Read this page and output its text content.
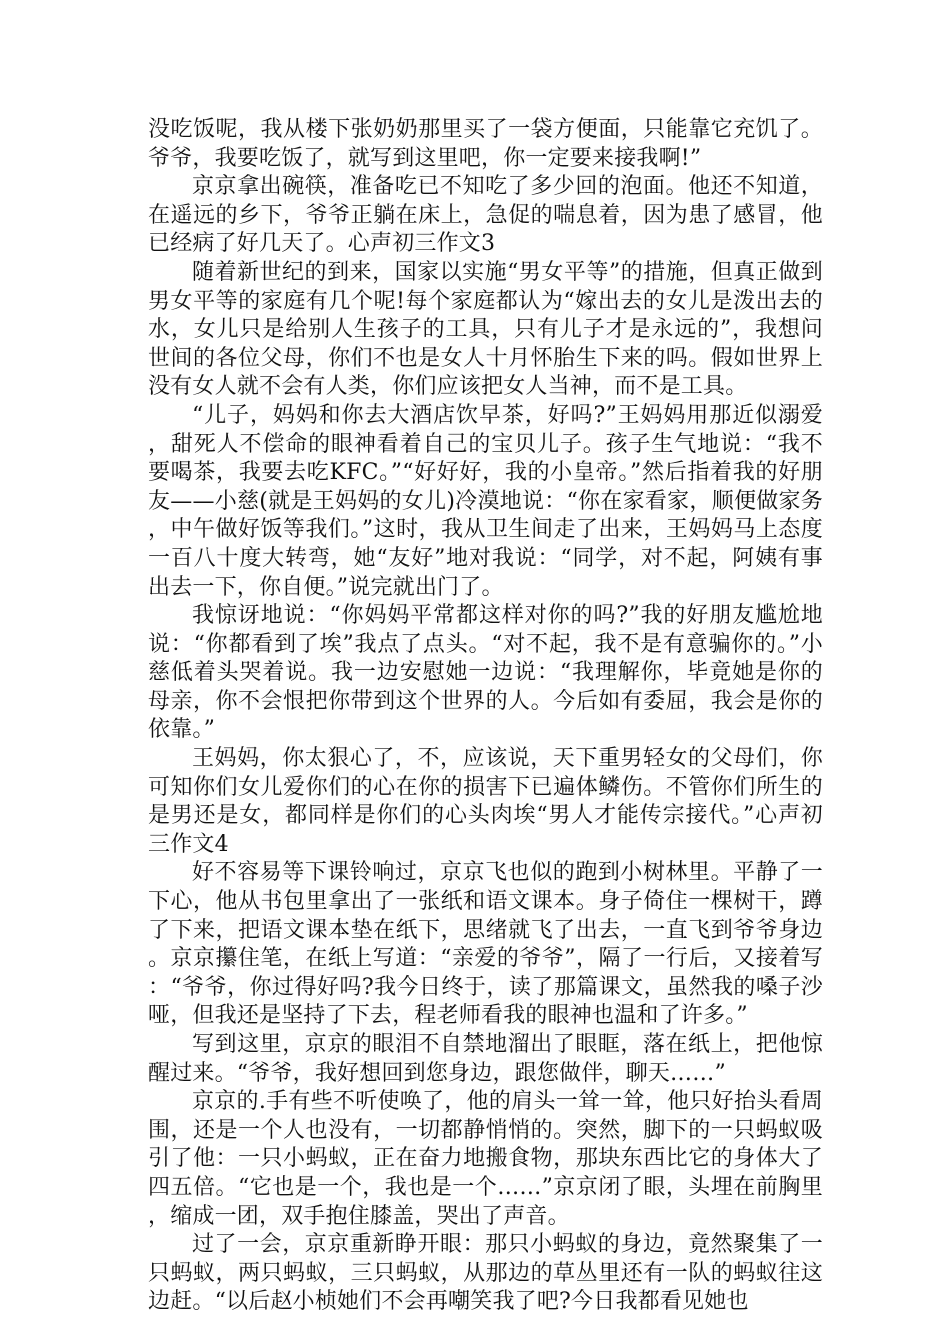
没吃饭呢，我从楼下张奶奶那里买了一袋方便面，只能靠它充饥了。爷爷，我要吃饭了，就写到这里吧，你一定要来接我啊!”

京京拿出碗筷，准备吃已不知吃了多少回的泡面。他还不知道，在遥远的乡下，爷爷正躺在床上，急促的喘息着，因为患了感冒，他已经病了好几天了。心声初三作文3

随着新世纪的到来，国家以实施“男女平等”的措施，但真正做到男女平等的家庭有几个呢!每个家庭都认为“嫁出去的女儿是泼出去的水，女儿只是给别人生孩子的工具，只有儿子才是永远的”，我想问世间的各位父母，你们不也是女人十月怀胎生下来的吗。假如世界上没有女人就不会有人类，你们应该把女人当神，而不是工具。

“儿子，妈妈和你去大酒店饮早茶，好吗?”王妈妈用那近似溺爱，甜死人不偿命的眼神看着自己的宝贝儿子。孩子生气地说：“我不要喝茶，我要去吃KFC。”“好好好，我的小皇帝。”然后指着我的好朋友——小慈(就是王妈妈的女儿)冷漠地说：“你在家看家，顺便做家务，中午做好饭等我们。”这时，我从卫生间走了出来，王妈妈马上态度一百八十度大转弯，她“友好”地对我说：“同学，对不起，阿姨有事出去一下，你自便。”说完就出门了。

我惊讶地说：“你妈妈平常都这样对你的吗?”我的好朋友尴尬地说：“你都看到了埃”我点了点头。“对不起，我不是有意骗你的。”小慈低着头哭着说。我一边安慰她一边说：“我理解你，毕竟她是你的母亲，你不会恨把你带到这个世界的人。今后如有委屈，我会是你的依靠。”

王妈妈，你太狠心了，不，应该说，天下重男轻女的父母们，你可知你们女儿爱你们的心在你的损害下已遍体鳞伤。不管你们所生的是男还是女，都同样是你们的心头肉埃“男人才能传宗接代。”心声初三作文4

好不容易等下课铃响过，京京飞也似的跑到小树林里。平静了一下心，他从书包里拿出了一张纸和语文课本。身子倚住一棵树干，蹲了下来，把语文课本垫在纸下，思绪就飞了出去，一直飞到爷爷身边。京京攥住笔，在纸上写道：“亲爱的爷爷”，隔了一行后，又接着写：“爷爷，你过得好吗?我今日终于，读了那篇课文，虽然我的嗓子沙哑，但我还是坚持了下去，程老师看我的眼神也温和了许多。”

写到这里，京京的眼泪不自禁地溜出了眼眶，落在纸上，把他惊醒过来。“爷爷，我好想回到您身边，跟您做伴，聊天……”

京京的.手有些不听使唤了，他的肩头一耸一耸，他只好抬头看周围，还是一个人也没有，一切都静悄悄的。突然，脚下的一只蚂蚁吸引了他：一只小蚂蚁，正在奋力地搬食物，那块东西比它的身体大了四五倍。“它也是一个，我也是一个……”京京闭了眼，头埋在前胸里，缩成一团，双手抱住膝盖，哭出了声音。

过了一会，京京重新睁开眼：那只小蚂蚁的身边，竟然聚集了一只蚂蚁，两只蚂蚁，三只蚂蚁，从那边的草丛里还有一队的蚂蚁往这边赶。“以后赵小桢她们不会再嘲笑我了吧?今日我都看见她也
